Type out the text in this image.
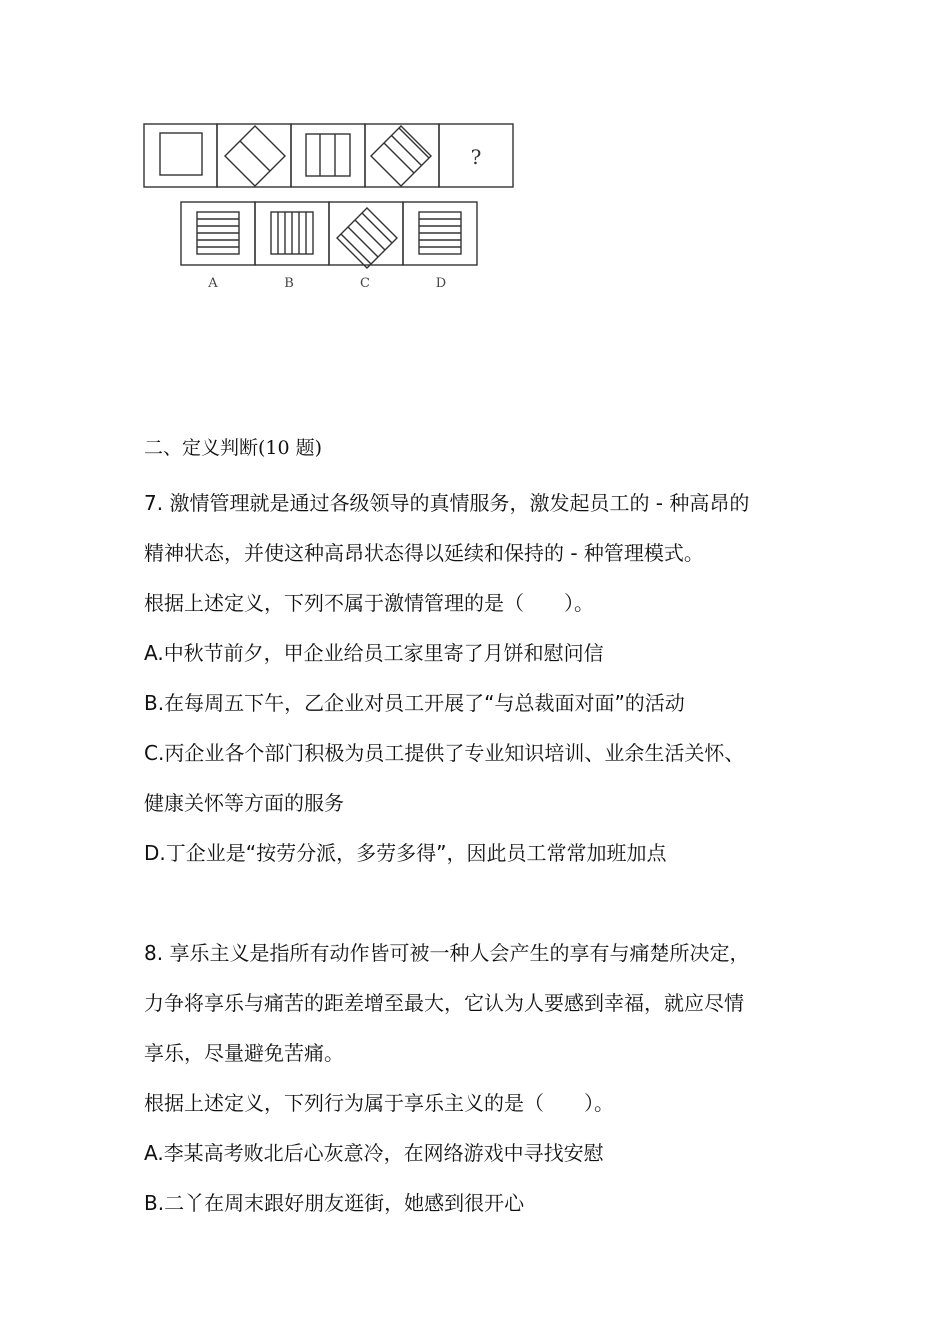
?
A	B	C	D

二、定义判断(10 题)

7. 激情管理就是通过各级领导的真情服务，激发起员工的 - 种高昂的

精神状态，并使这种高昂状态得以延续和保持的 - 种管理模式。

根据上述定义，下列不属于激情管理的是（　　）。

A.中秋节前夕，甲企业给员工家里寄了月饼和慰问信

B.在每周五下午，乙企业对员工开展了“与总裁面对面”的活动

C.丙企业各个部门积极为员工提供了专业知识培训、业余生活关怀、

健康关怀等方面的服务

D.丁企业是“按劳分派，多劳多得”，因此员工常常加班加点

8. 享乐主义是指所有动作皆可被一种人会产生的享有与痛楚所决定，

力争将享乐与痛苦的距差增至最大，它认为人要感到幸福，就应尽情

享乐，尽量避免苦痛。

根据上述定义，下列行为属于享乐主义的是（　　）。

A.李某高考败北后心灰意冷，在网络游戏中寻找安慰

B.二丫在周末跟好朋友逛街，她感到很开心
